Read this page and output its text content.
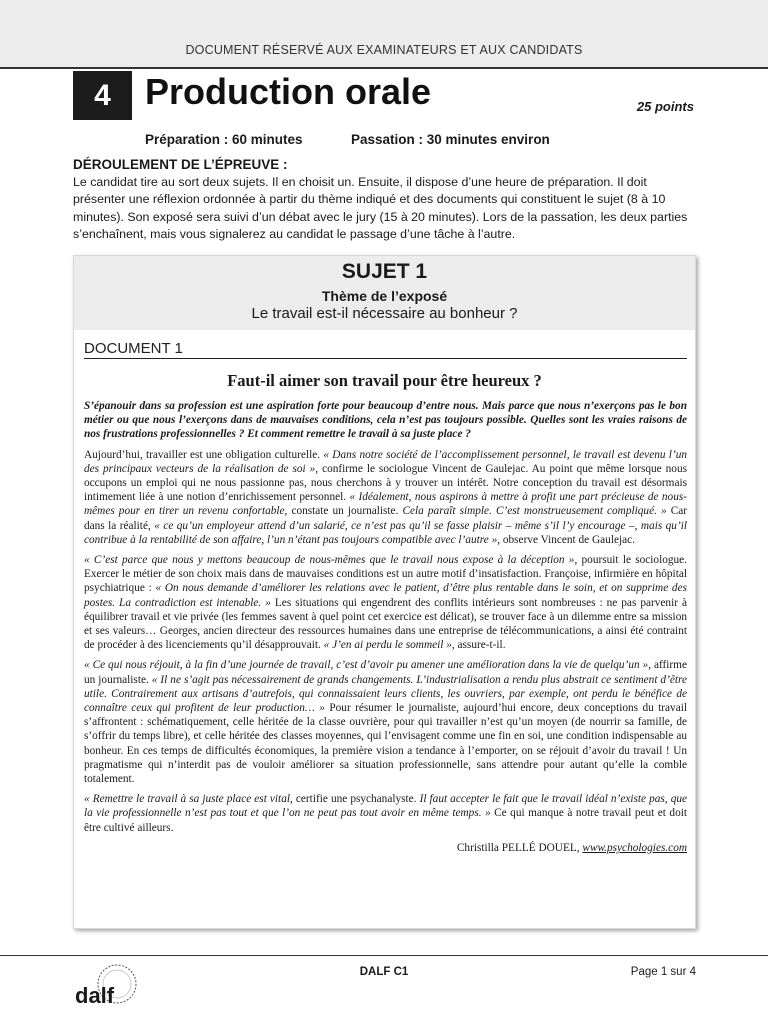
DOCUMENT RÉSERVÉ AUX EXAMINATEURS ET AUX CANDIDATS
4 Production orale	25 points
Préparation : 60 minutes	Passation : 30 minutes environ
DÉROULEMENT DE L’ÉPREUVE :
Le candidat tire au sort deux sujets. Il en choisit un. Ensuite, il dispose d’une heure de préparation. Il doit présenter une réflexion ordonnée à partir du thème indiqué et des documents qui constituent le sujet (8 à 10 minutes). Son exposé sera suivi d’un débat avec le jury (15 à 20 minutes). Lors de la passation, les deux parties s’enchaînent, mais vous signalerez au candidat le passage d’une tâche à l’autre.
SUJET 1
Thème de l’exposé
Le travail est-il nécessaire au bonheur ?
DOCUMENT 1
Faut-il aimer son travail pour être heureux ?

S’épanouir dans sa profession est une aspiration forte pour beaucoup d’entre nous. Mais parce que nous n’exerçons pas le bon métier ou que nous l’exerçons dans de mauvaises conditions, cela n’est pas toujours possible. Quelles sont les vraies raisons de nos frustrations professionnelles ? Et comment remettre le travail à sa juste place ?

Aujourd’hui, travailler est une obligation culturelle. « Dans notre société de l’accomplissement personnel, le travail est devenu l’un des principaux vecteurs de la réalisation de soi », confirme le sociologue Vincent de Gaulejac. Au point que même lorsque nous occupons un emploi qui ne nous passionne pas, nous cherchons à y trouver un intérêt. Notre conception du travail est désormais intimement liée à une notion d’enrichissement personnel. « Idéalement, nous aspirons à mettre à profit une part précieuse de nous-mêmes pour en tirer un revenu confortable, constate un journaliste. Cela paraît simple. C’est monstrueusement compliqué. » Car dans la réalité, « ce qu’un employeur attend d’un salarié, ce n’est pas qu’il se fasse plaisir – même s’il l’y encourage –, mais qu’il contribue à la rentabilité de son affaire, l’un n’étant pas toujours compatible avec l’autre », observe Vincent de Gaulejac.

« C’est parce que nous y mettons beaucoup de nous-mêmes que le travail nous expose à la déception », poursuit le sociologue. Exercer le métier de son choix mais dans de mauvaises conditions est un autre motif d’insatisfaction. Françoise, infirmière en hôpital psychiatrique : « On nous demande d’améliorer les relations avec le patient, d’être plus rentable dans le soin, et on supprime des postes. La contradiction est intenable. » Les situations qui engendrent des conflits intérieurs sont nombreuses : ne pas parvenir à équilibrer travail et vie privée (les femmes savent à quel point cet exercice est délicat), se trouver face à un dilemme entre sa mission et ses valeurs… Georges, ancien directeur des ressources humaines dans une entreprise de télécommunications, a ainsi été contraint de procéder à des licenciements qu’il désapprouvait. « J’en ai perdu le sommeil », assure-t-il.

« Ce qui nous réjouit, à la fin d’une journée de travail, c’est d’avoir pu amener une amélioration dans la vie de quelqu’un », affirme un journaliste. « Il ne s’agit pas nécessairement de grands changements. L’industrialisation a rendu plus abstrait ce sentiment d’être utile. Contrairement aux artisans d’autrefois, qui connaissaient leurs clients, les ouvriers, par exemple, ont perdu le bénéfice de connaître ceux qui profitent de leur production… » Pour résumer le journaliste, aujourd’hui encore, deux conceptions du travail s’affrontent : schématiquement, celle héritée de la classe ouvrière, pour qui travailler n’est qu’un moyen (de nourrir sa famille, de s’offrir du temps libre), et celle héritée des classes moyennes, qui l’envisagent comme une fin en soi, une condition indispensable au bonheur. En ces temps de difficultés économiques, la première vision a tendance à l’emporter, on se réjouit d’avoir du travail ! Un pragmatisme qui n’interdit pas de vouloir améliorer sa situation professionnelle, sans attendre pour autant qu’elle la comble totalement.

« Remettre le travail à sa juste place est vital, certifie une psychanalyste. Il faut accepter le fait que le travail idéal n’existe pas, que la vie professionnelle n’est pas tout et que l’on ne peut pas tout avoir en même temps. » Ce qui manque à notre travail peut et doit être cultivé ailleurs.

Christilla PELLÉ DOUEL, www.psychologies.com

dalf
DALF C1	Page 1 sur 4
